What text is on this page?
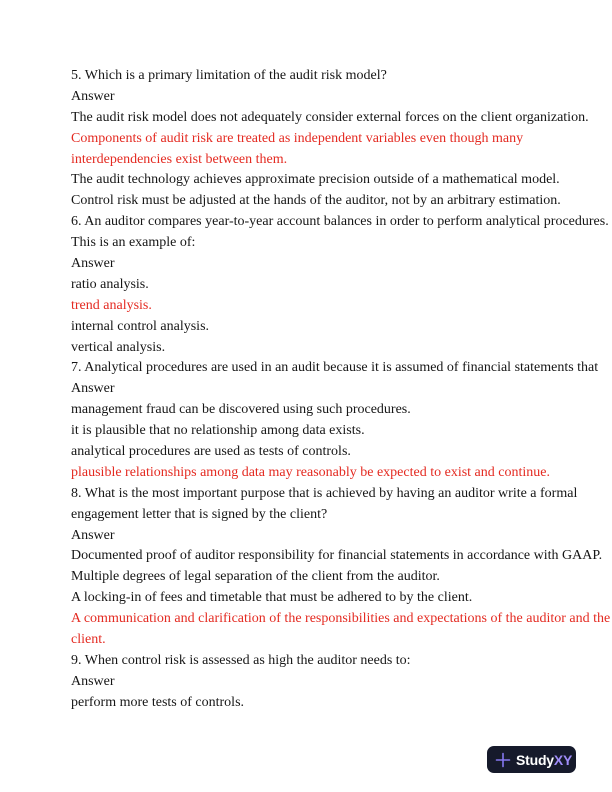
5. Which is a primary limitation of the audit risk model?
Answer
The audit risk model does not adequately consider external forces on the client organization.
Components of audit risk are treated as independent variables even though many
interdependencies exist between them.
The audit technology achieves approximate precision outside of a mathematical model.
Control risk must be adjusted at the hands of the auditor, not by an arbitrary estimation.
6. An auditor compares year-to-year account balances in order to perform analytical procedures.
This is an example of:
Answer
ratio analysis.
trend analysis.
internal control analysis.
vertical analysis.
7. Analytical procedures are used in an audit because it is assumed of financial statements that
Answer
management fraud can be discovered using such procedures.
it is plausible that no relationship among data exists.
analytical procedures are used as tests of controls.
plausible relationships among data may reasonably be expected to exist and continue.
8. What is the most important purpose that is achieved by having an auditor write a formal
engagement letter that is signed by the client?
Answer
Documented proof of auditor responsibility for financial statements in accordance with GAAP.
Multiple degrees of legal separation of the client from the auditor.
A locking-in of fees and timetable that must be adhered to by the client.
A communication and clarification of the responsibilities and expectations of the auditor and the
client.
9. When control risk is assessed as high the auditor needs to:
Answer
perform more tests of controls.
StudyXY
